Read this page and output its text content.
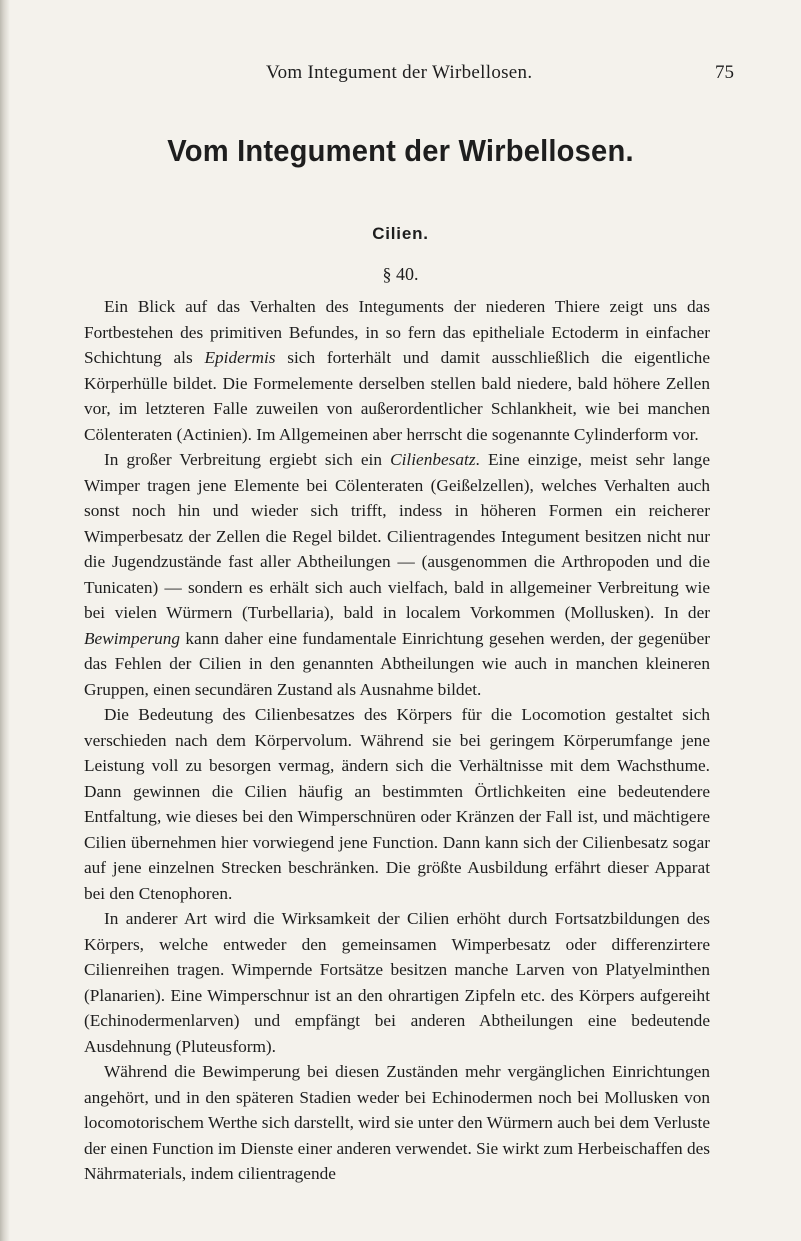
Vom Integument der Wirbellosen.	75
Vom Integument der Wirbellosen.
Cilien.
§ 40.

Ein Blick auf das Verhalten des Integuments der niederen Thiere zeigt uns das Fortbestehen des primitiven Befundes, in so fern das epitheliale Ectoderm in einfacher Schichtung als Epidermis sich forterhält und damit ausschließlich die eigentliche Körperhülle bildet. Die Formelemente derselben stellen bald niedere, bald höhere Zellen vor, im letzteren Falle zuweilen von außerordentlicher Schlankheit, wie bei manchen Cölenteraten (Actinien). Im Allgemeinen aber herrscht die sogenannte Cylinderform vor.

In großer Verbreitung ergiebt sich ein Cilienbesatz. Eine einzige, meist sehr lange Wimper tragen jene Elemente bei Cölenteraten (Geißelzellen), welches Verhalten auch sonst noch hin und wieder sich trifft, indess in höheren Formen ein reicherer Wimperbesatz der Zellen die Regel bildet. Cilientragendes Integument besitzen nicht nur die Jugendzustände fast aller Abtheilungen — (ausgenommen die Arthropoden und die Tunicaten) — sondern es erhält sich auch vielfach, bald in allgemeiner Verbreitung wie bei vielen Würmern (Turbellaria), bald in localem Vorkommen (Mollusken). In der Bewimperung kann daher eine fundamentale Einrichtung gesehen werden, der gegenüber das Fehlen der Cilien in den genannten Abtheilungen wie auch in manchen kleineren Gruppen, einen secundären Zustand als Ausnahme bildet.

Die Bedeutung des Cilienbesatzes des Körpers für die Locomotion gestaltet sich verschieden nach dem Körpervolum. Während sie bei geringem Körperumfange jene Leistung voll zu besorgen vermag, ändern sich die Verhältnisse mit dem Wachsthume. Dann gewinnen die Cilien häufig an bestimmten Örtlichkeiten eine bedeutendere Entfaltung, wie dieses bei den Wimperschnüren oder Kränzen der Fall ist, und mächtigere Cilien übernehmen hier vorwiegend jene Function. Dann kann sich der Cilienbesatz sogar auf jene einzelnen Strecken beschränken. Die größte Ausbildung erfährt dieser Apparat bei den Ctenophoren.

In anderer Art wird die Wirksamkeit der Cilien erhöht durch Fortsatzbildungen des Körpers, welche entweder den gemeinsamen Wimperbesatz oder differenzirtere Cilienreihen tragen. Wimpernde Fortsätze besitzen manche Larven von Platyelminthen (Planarien). Eine Wimperschnur ist an den ohrartigen Zipfeln etc. des Körpers aufgereiht (Echinodermenlarven) und empfängt bei anderen Abtheilungen eine bedeutende Ausdehnung (Pluteusform).

Während die Bewimperung bei diesen Zuständen mehr vergänglichen Einrichtungen angehört, und in den späteren Stadien weder bei Echinodermen noch bei Mollusken von locomotorischem Werthe sich darstellt, wird sie unter den Würmern auch bei dem Verluste der einen Function im Dienste einer anderen verwendet. Sie wirkt zum Herbeischaffen des Nährmaterials, indem cilientragende
